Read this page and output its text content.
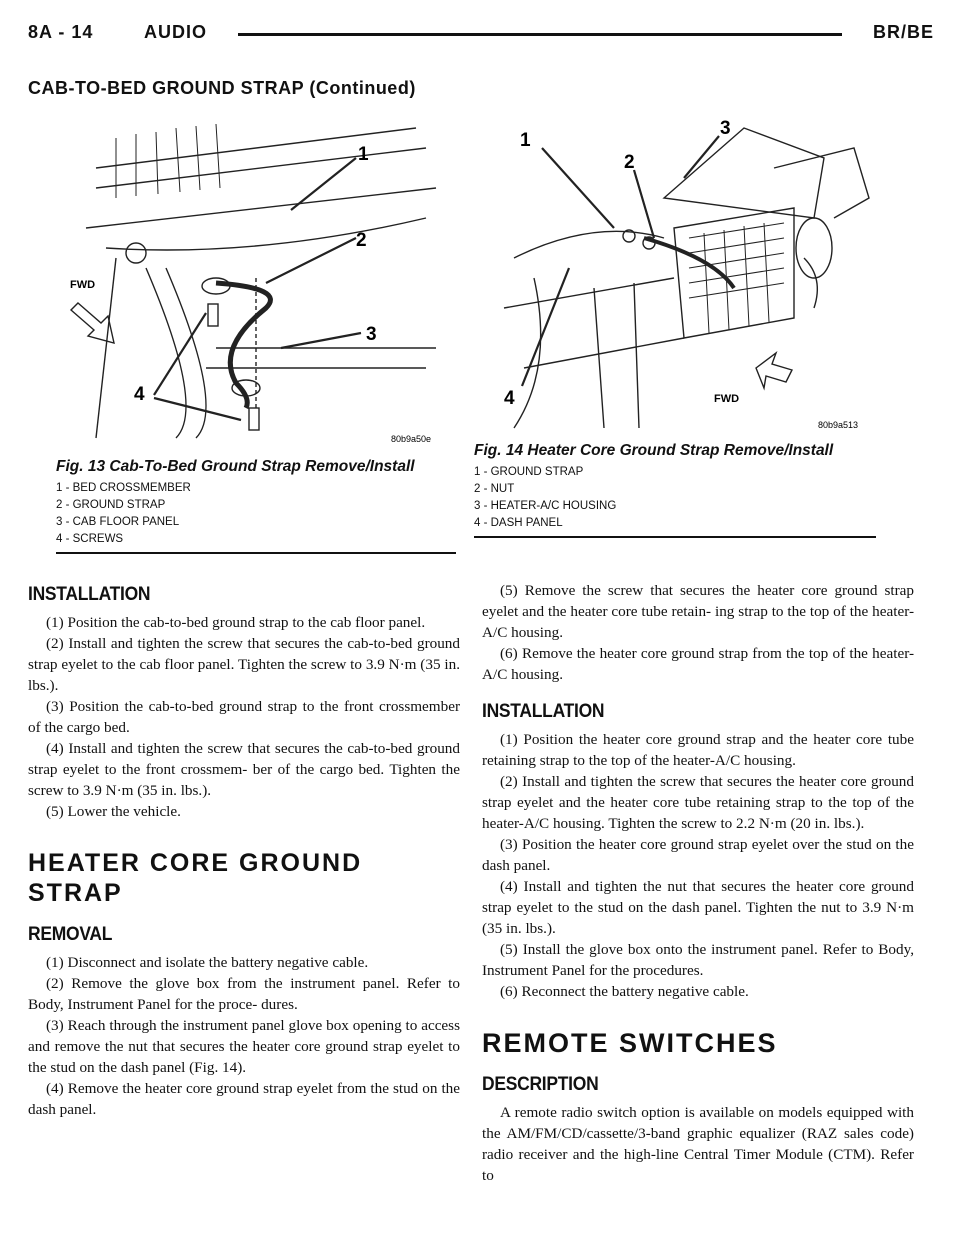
8A - 14	AUDIO	BR/BE
CAB-TO-BED GROUND STRAP (Continued)
1
2
3
4
FWD
80b9a50e

Fig. 13 Cab-To-Bed Ground Strap Remove/Install

1 - BED CROSSMEMBER
2 - GROUND STRAP
3 - CAB FLOOR PANEL
4 - SCREWS
1
2
3
4	FWD
80b9a513

Fig. 14 Heater Core Ground Strap Remove/Install

1 - GROUND STRAP
2 - NUT
3 - HEATER-A/C HOUSING
4 - DASH PANEL
INSTALLATION

(1) Position the cab-to-bed ground strap to the cab floor panel.

(2) Install and tighten the screw that secures the cab-to-bed ground strap eyelet to the cab floor panel. Tighten the screw to 3.9 N·m (35 in. lbs.).

(3) Position the cab-to-bed ground strap to the front crossmember of the cargo bed.

(4) Install and tighten the screw that secures the cab-to-bed ground strap eyelet to the front crossmem- ber of the cargo bed. Tighten the screw to 3.9 N·m (35 in. lbs.).

(5) Lower the vehicle.

HEATER CORE GROUND STRAP
REMOVAL

(1) Disconnect and isolate the battery negative cable.

(2) Remove the glove box from the instrument panel. Refer to Body, Instrument Panel for the proce- dures.

(3) Reach through the instrument panel glove box opening to access and remove the nut that secures the heater core ground strap eyelet to the stud on the dash panel (Fig. 14).

(4) Remove the heater core ground strap eyelet from the stud on the dash panel.

(5) Remove the screw that secures the heater core ground strap eyelet and the heater core tube retain- ing strap to the top of the heater-A/C housing.

(6) Remove the heater core ground strap from the top of the heater-A/C housing.

INSTALLATION

(1) Position the heater core ground strap and the heater core tube retaining strap to the top of the heater-A/C housing.

(2) Install and tighten the screw that secures the heater core ground strap eyelet and the heater core tube retaining strap to the top of the heater-A/C housing. Tighten the screw to 2.2 N·m (20 in. lbs.).

(3) Position the heater core ground strap eyelet over the stud on the dash panel.

(4) Install and tighten the nut that secures the heater core ground strap eyelet to the stud on the dash panel. Tighten the nut to 3.9 N·m (35 in. lbs.).

(5) Install the glove box onto the instrument panel. Refer to Body, Instrument Panel for the procedures.

(6) Reconnect the battery negative cable.

REMOTE SWITCHES
DESCRIPTION

A remote radio switch option is available on models equipped with the AM/FM/CD/cassette/3-band graphic equalizer (RAZ sales code) radio receiver and the high-line Central Timer Module (CTM). Refer to
